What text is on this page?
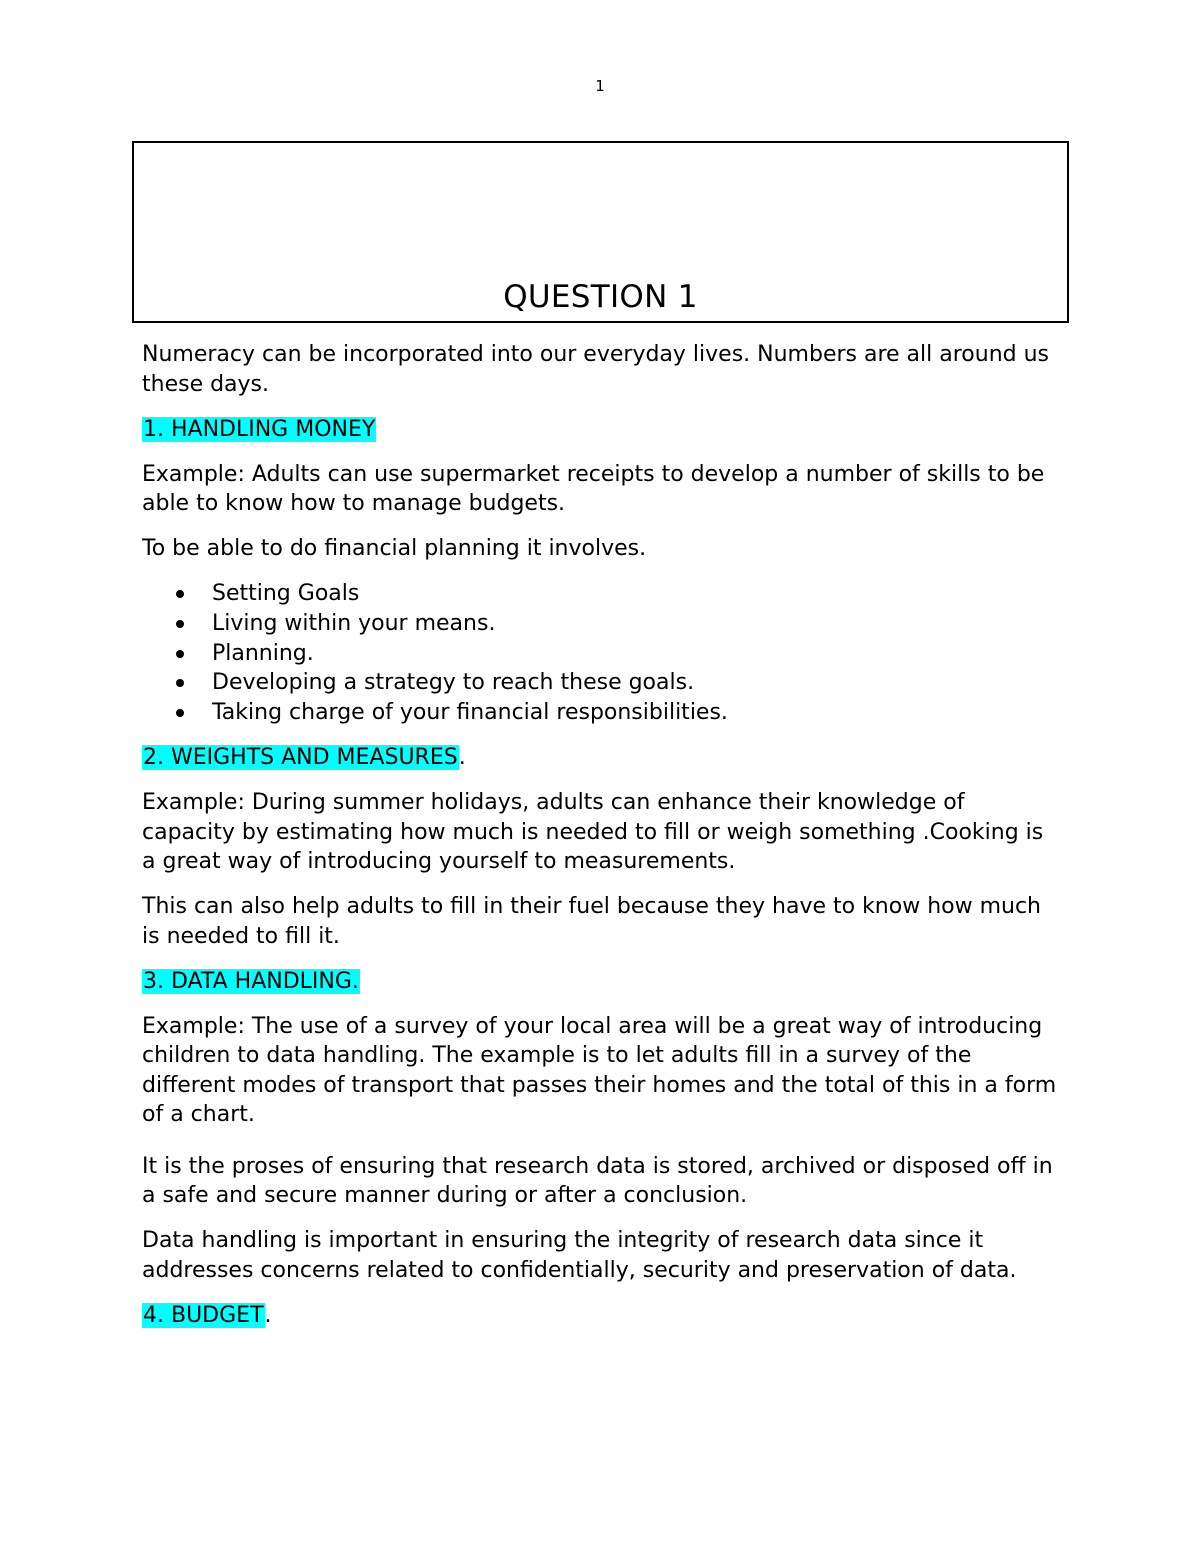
1
QUESTION 1

Numeracy can be incorporated into our everyday lives. Numbers are all around us these days.

1. HANDLING MONEY

Example: Adults can use supermarket receipts to develop a number of skills to be able to know how to manage budgets.

To be able to do financial planning it involves.

Setting Goals
Living within your means.
Planning.
Developing a strategy to reach these goals.
Taking charge of your financial responsibilities.

2. WEIGHTS AND MEASURES.

Example: During summer holidays, adults can enhance their knowledge of capacity by estimating how much is needed to fill or weigh something .Cooking is a great way of introducing yourself to measurements.

This can also help adults to fill in their fuel because they have to know how much is needed to fill it.

3. DATA HANDLING.

Example: The use of a survey of your local area will be a great way of introducing children to data handling. The example is to let adults fill in a survey of the different modes of transport that passes their homes and the total of this in a form of a chart.

It is the proses of ensuring that research data is stored, archived or disposed off in a safe and secure manner during or after a conclusion.

Data handling is important in ensuring the integrity of research data since it addresses concerns related to confidentially, security and preservation of data.

4. BUDGET.
